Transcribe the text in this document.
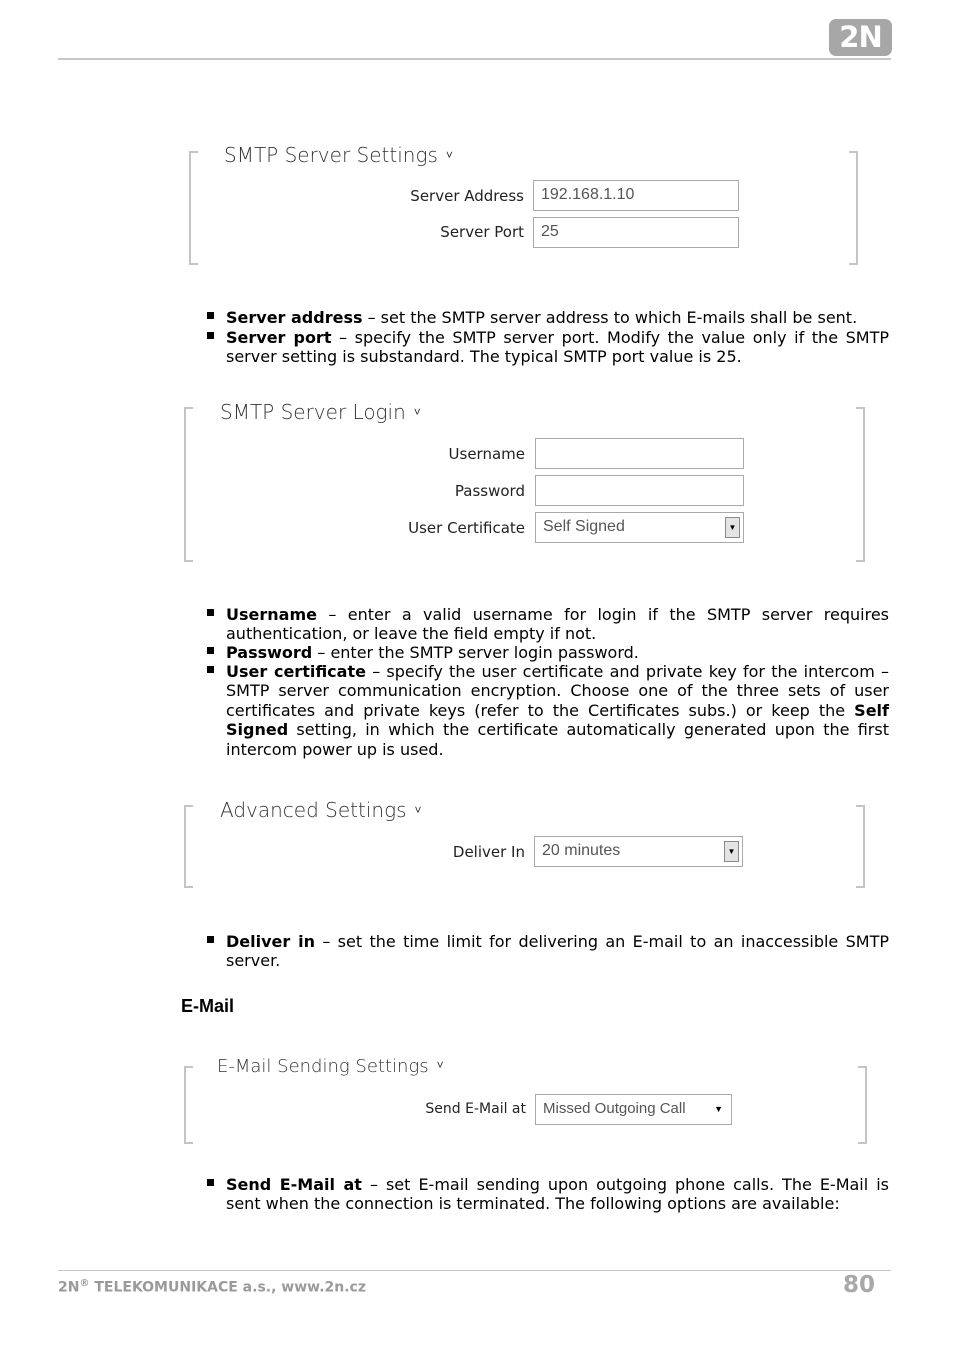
2N
SMTP Server Settings ˅
Server Address	192.168.1.10
Server Port	25
Server address – set the SMTP server address to which E-mails shall be sent.
Server port – specify the SMTP server port. Modify the value only if the SMTP server setting is substandard. The typical SMTP port value is 25.
SMTP Server Login ˅
Username
Password
User Certificate	Self Signed	▼
Username – enter a valid username for login if the SMTP server requires authentication, or leave the field empty if not.
Password – enter the SMTP server login password.
User certificate – specify the user certificate and private key for the intercom – SMTP server communication encryption. Choose one of the three sets of user certificates and private keys (refer to the Certificates subs.) or keep the Self Signed setting, in which the certificate automatically generated upon the first intercom power up is used.
Advanced Settings ˅
Deliver In	20 minutes	▼
Deliver in – set the time limit for delivering an E-mail to an inaccessible SMTP server.
E-Mail
E-Mail Sending Settings ˅
Send E-Mail at	Missed Outgoing Call	▼
Send E-Mail at – set E-mail sending upon outgoing phone calls. The E-Mail is sent when the connection is terminated. The following options are available:
2N® TELEKOMUNIKACE a.s., www.2n.cz	80
